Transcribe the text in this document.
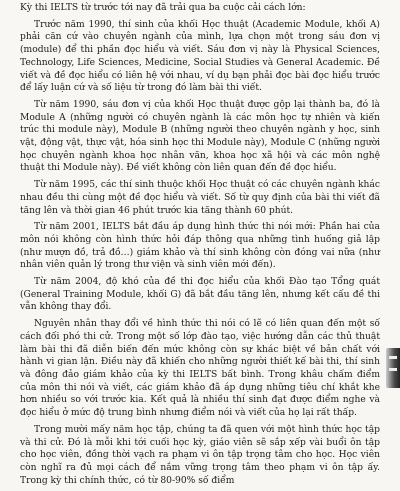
Kỳ thi IELTS từ trước tới nay đã trải qua ba cuộc cải cách lớn:

Trước năm 1990, thí sinh của khối Học thuật (Academic Module, khối A) phải căn cứ vào chuyên ngành của mình, lựa chọn một trong sáu đơn vị (module) để thi phần đọc hiểu và viết. Sáu đơn vị này là Physical Sciences, Technology, Life Sciences, Medicine, Social Studies và General Academic. Đề viết và đề đọc hiểu có liên hệ với nhau, ví dụ bạn phải đọc bài đọc hiểu trước để lấy luận cứ và số liệu từ trong đó làm bài thi viết.

Từ năm 1990, sáu đơn vị của khối Học thuật được gộp lại thành ba, đó là Module A (những người có chuyên ngành là các môn học tự nhiên và kiến trúc thi module này), Module B (những người theo chuyên ngành y học, sinh vật, động vật, thực vật, hóa sinh học thi Module này), Module C (những người học chuyên ngành khoa học nhân văn, khoa học xã hội và các môn nghệ thuật thi Module này). Đề viết không còn liên quan đến đề đọc hiểu.

Từ năm 1995, các thí sinh thuộc khối Học thuật có các chuyên ngành khác nhau đều thi cùng một đề đọc hiểu và viết. Số từ quy định của bài thi viết đã tăng lên và thời gian 46 phút trước kia tăng thành 60 phút.

Từ năm 2001, IELTS bắt đầu áp dụng hình thức thi nói mới: Phần hai của môn nói không còn hình thức hỏi đáp thông qua những tình huống giả lập (như mượn đồ, trả đồ…) giám khảo và thí sinh không còn đóng vai nữa (như nhân viên quản lý trong thư viện và sinh viên mới đến).

Từ năm 2004, độ khó của đề thi đọc hiểu của khối Đào tạo Tổng quát (General Training Module, khối G) đã bắt đầu tăng lên, nhưng kết cấu đề thi vẫn không thay đổi.

Nguyên nhân thay đổi về hình thức thi nói có lẽ có liên quan đến một số cách đối phó thi cử. Trong một số lớp đào tạo, việc hướng dẫn các thủ thuật làm bài thi đã diễn biến đến mức không còn sự khác biệt về bản chất với hành vi gian lận. Điều này đã khiến cho những người thiết kế bài thi, thí sinh và đông đảo giám khảo của kỳ thi IELTS bất bình. Trong khâu chấm điểm của môn thi nói và viết, các giám khảo đã áp dụng những tiêu chí khắt khe hơn nhiều so với trước kia. Kết quả là nhiều thí sinh đạt được điểm nghe và đọc hiểu ở mức độ trung bình nhưng điểm nói và viết của họ lại rất thấp.

Trong mười mấy năm học tập, chúng ta đã quen với một hình thức học tập và thi cử. Đó là mỗi khi tới cuối học kỳ, giáo viên sẽ sắp xếp vài buổi ôn tập cho học viên, đồng thời vạch ra phạm vi ôn tập trọng tâm cho học. Học viên còn nghĩ ra đủ mọi cách để nắm vững trọng tâm theo phạm vi ôn tập ấy. Trong kỳ thi chính thức, có từ 80-90% số điểm
